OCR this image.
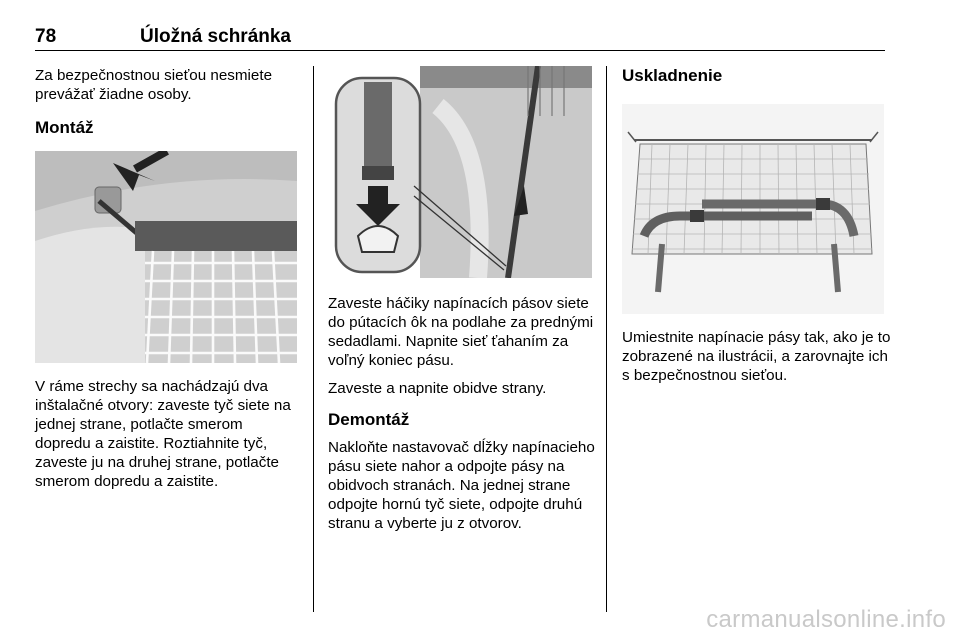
78	Úložná schránka

Za bezpečnostnou sieťou nesmiete prevážať žiadne osoby.

Montáž

V ráme strechy sa nachádzajú dva inštalačné otvory: zaveste tyč siete na jednej strane, potlačte smerom dopredu a zaistite. Roztiahnite tyč, zaveste ju na druhej strane, potlačte smerom dopredu a zaistite.

Zaveste háčiky napínacích pásov siete do pútacích ôk na podlahe za prednými sedadlami. Napnite sieť ťahaním za voľný koniec pásu.

Zaveste a napnite obidve strany.

Demontáž

Nakloňte nastavovač dĺžky napínacieho pásu siete nahor a odpojte pásy na obidvoch stranách. Na jednej strane odpojte hornú tyč siete, odpojte druhú stranu a vyberte ju z otvorov.

Uskladnenie

Umiestnite napínacie pásy tak, ako je to zobrazené na ilustrácii, a zarovnajte ich s bezpečnostnou sieťou.

carmanualsonline.info
